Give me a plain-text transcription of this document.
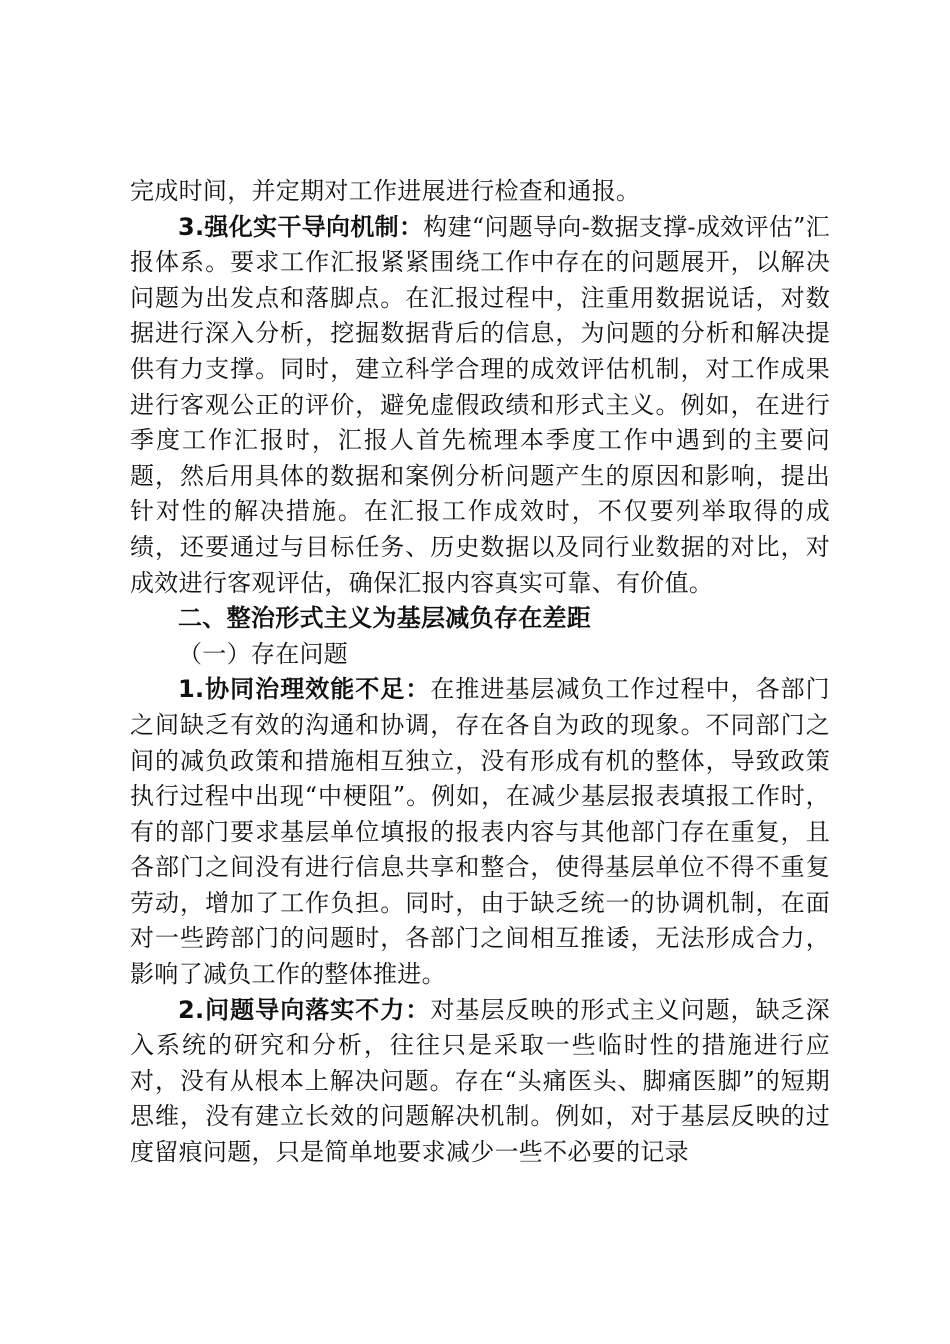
完成时间，并定期对工作进展进行检查和通报。

3.强化实干导向机制：构建“问题导向-数据支撑-成效评估”汇报体系。要求工作汇报紧紧围绕工作中存在的问题展开，以解决问题为出发点和落脚点。在汇报过程中，注重用数据说话，对数据进行深入分析，挖掘数据背后的信息，为问题的分析和解决提供有力支撑。同时，建立科学合理的成效评估机制，对工作成果进行客观公正的评价，避免虚假政绩和形式主义。例如，在进行季度工作汇报时，汇报人首先梳理本季度工作中遇到的主要问题，然后用具体的数据和案例分析问题产生的原因和影响，提出针对性的解决措施。在汇报工作成效时，不仅要列举取得的成绩，还要通过与目标任务、历史数据以及同行业数据的对比，对成效进行客观评估，确保汇报内容真实可靠、有价值。

二、整治形式主义为基层减负存在差距

（一）存在问题

1.协同治理效能不足：在推进基层减负工作过程中，各部门之间缺乏有效的沟通和协调，存在各自为政的现象。不同部门之间的减负政策和措施相互独立，没有形成有机的整体，导致政策执行过程中出现“中梗阻”。例如，在减少基层报表填报工作时，有的部门要求基层单位填报的报表内容与其他部门存在重复，且各部门之间没有进行信息共享和整合，使得基层单位不得不重复劳动，增加了工作负担。同时，由于缺乏统一的协调机制，在面对一些跨部门的问题时，各部门之间相互推诿，无法形成合力，影响了减负工作的整体推进。

2.问题导向落实不力：对基层反映的形式主义问题，缺乏深入系统的研究和分析，往往只是采取一些临时性的措施进行应对，没有从根本上解决问题。存在“头痛医头、脚痛医脚”的短期思维，没有建立长效的问题解决机制。例如，对于基层反映的过度留痕问题，只是简单地要求减少一些不必要的记录
